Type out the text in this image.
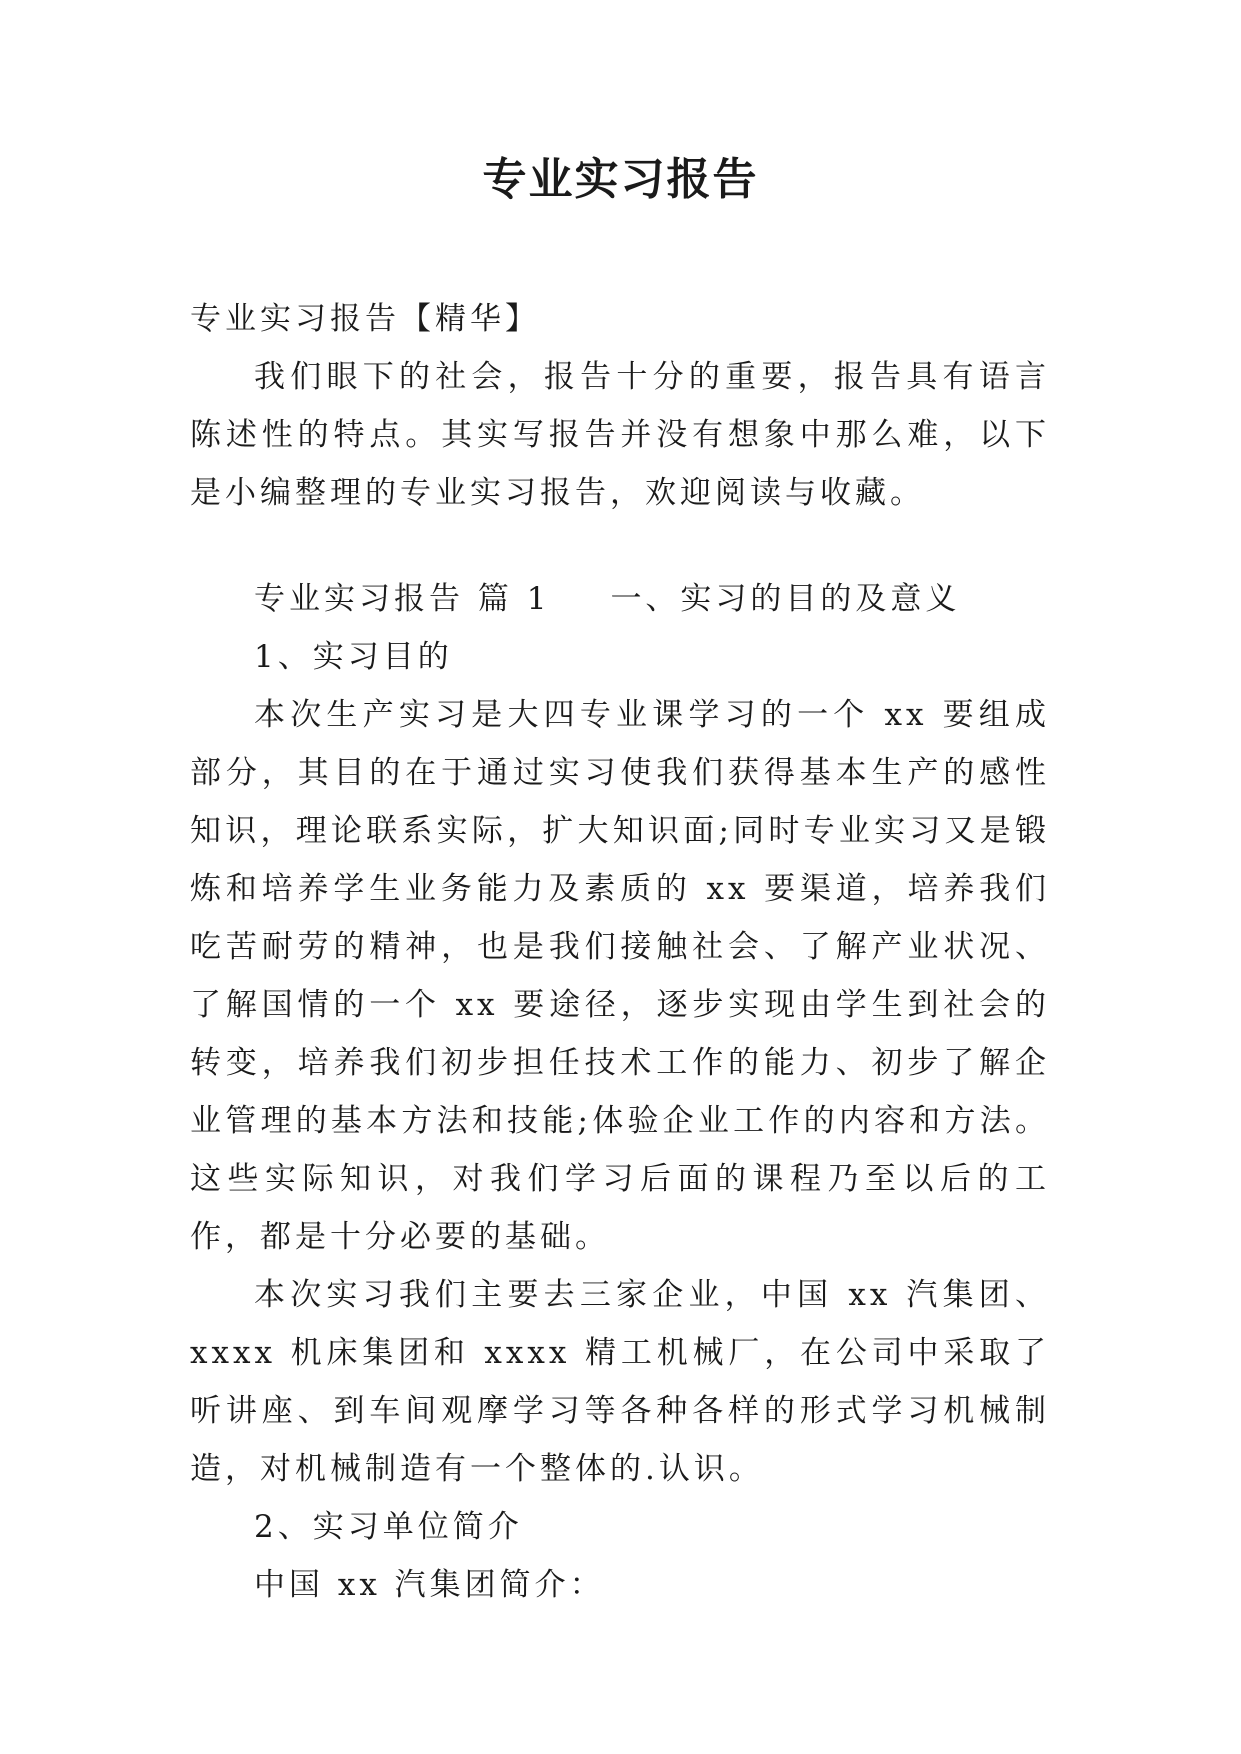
专业实习报告

专业实习报告【精华】

我们眼下的社会，报告十分的重要，报告具有语言陈述性的特点。其实写报告并没有想象中那么难，以下是小编整理的专业实习报告，欢迎阅读与收藏。

专业实习报告 篇 1 一、实习的目的及意义

1、实习目的

本次生产实习是大四专业课学习的一个 xx 要组成部分，其目的在于通过实习使我们获得基本生产的感性知识，理论联系实际，扩大知识面;同时专业实习又是锻炼和培养学生业务能力及素质的 xx 要渠道，培养我们吃苦耐劳的精神，也是我们接触社会、了解产业状况、了解国情的一个 xx 要途径，逐步实现由学生到社会的转变，培养我们初步担任技术工作的能力、初步了解企业管理的基本方法和技能;体验企业工作的内容和方法。这些实际知识，对我们学习后面的课程乃至以后的工作，都是十分必要的基础。

本次实习我们主要去三家企业，中国 xx 汽集团、xxxx 机床集团和 xxxx 精工机械厂，在公司中采取了听讲座、到车间观摩学习等各种各样的形式学习机械制造，对机械制造有一个整体的.认识。

2、实习单位简介

中国 xx 汽集团简介：
